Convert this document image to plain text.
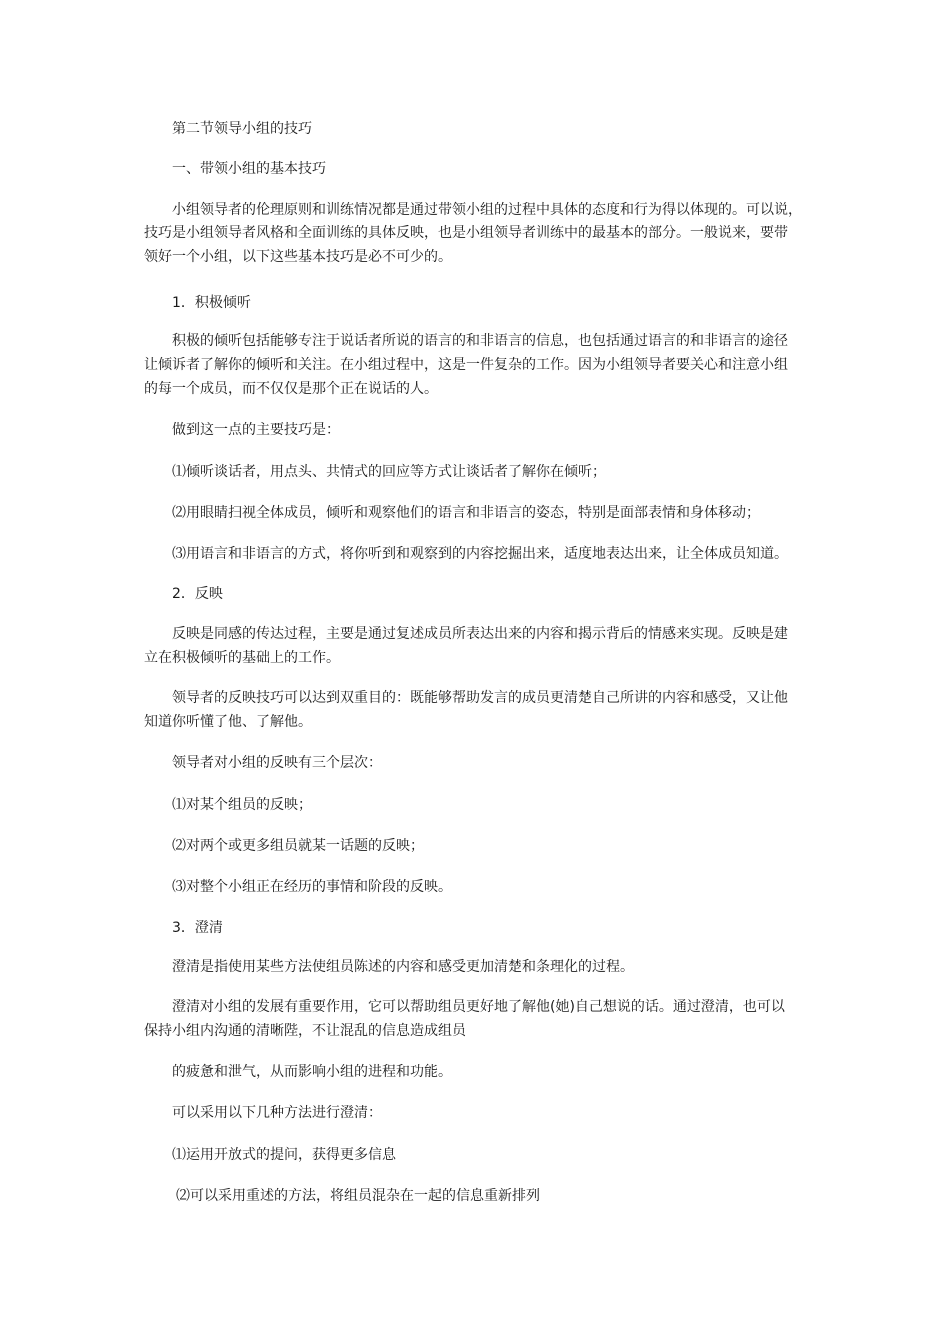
第二节领导小组的技巧
一、带领小组的基本技巧
小组领导者的伦理原则和训练情况都是通过带领小组的过程中具体的态度和行为得以体现的。可以说，
技巧是小组领导者风格和全面训练的具体反映，也是小组领导者训练中的最基本的部分。一般说来，要带
领好一个小组，以下这些基本技巧是必不可少的。
1．积极倾听
积极的倾听包括能够专注于说话者所说的语言的和非语言的信息，也包括通过语言的和非语言的途径
让倾诉者了解你的倾听和关注。在小组过程中，这是一件复杂的工作。因为小组领导者要关心和注意小组
的每一个成员，而不仅仅是那个正在说话的人。
做到这一点的主要技巧是：
⑴倾听谈话者，用点头、共情式的回应等方式让谈话者了解你在倾听；
⑵用眼睛扫视全体成员，倾听和观察他们的语言和非语言的姿态，特别是面部表情和身体移动；
⑶用语言和非语言的方式，将你听到和观察到的内容挖掘出来，适度地表达出来，让全体成员知道。
2．反映
反映是同感的传达过程，主要是通过复述成员所表达出来的内容和揭示背后的情感来实现。反映是建
立在积极倾听的基础上的工作。
领导者的反映技巧可以达到双重目的：既能够帮助发言的成员更清楚自己所讲的内容和感受，又让他
知道你听懂了他、了解他。
领导者对小组的反映有三个层次：
⑴对某个组员的反映；
⑵对两个或更多组员就某一话题的反映；
⑶对整个小组正在经历的事情和阶段的反映。
3．澄清
澄清是指使用某些方法使组员陈述的内容和感受更加清楚和条理化的过程。
澄清对小组的发展有重要作用，它可以帮助组员更好地了解他(她)自己想说的话。通过澄清，也可以
保持小组内沟通的清晰陛，不让混乱的信息造成组员
的疲惫和泄气，从而影响小组的进程和功能。
可以采用以下几种方法进行澄清：
⑴运用开放式的提问，获得更多信息
⑵可以采用重述的方法，将组员混杂在一起的信息重新排列
